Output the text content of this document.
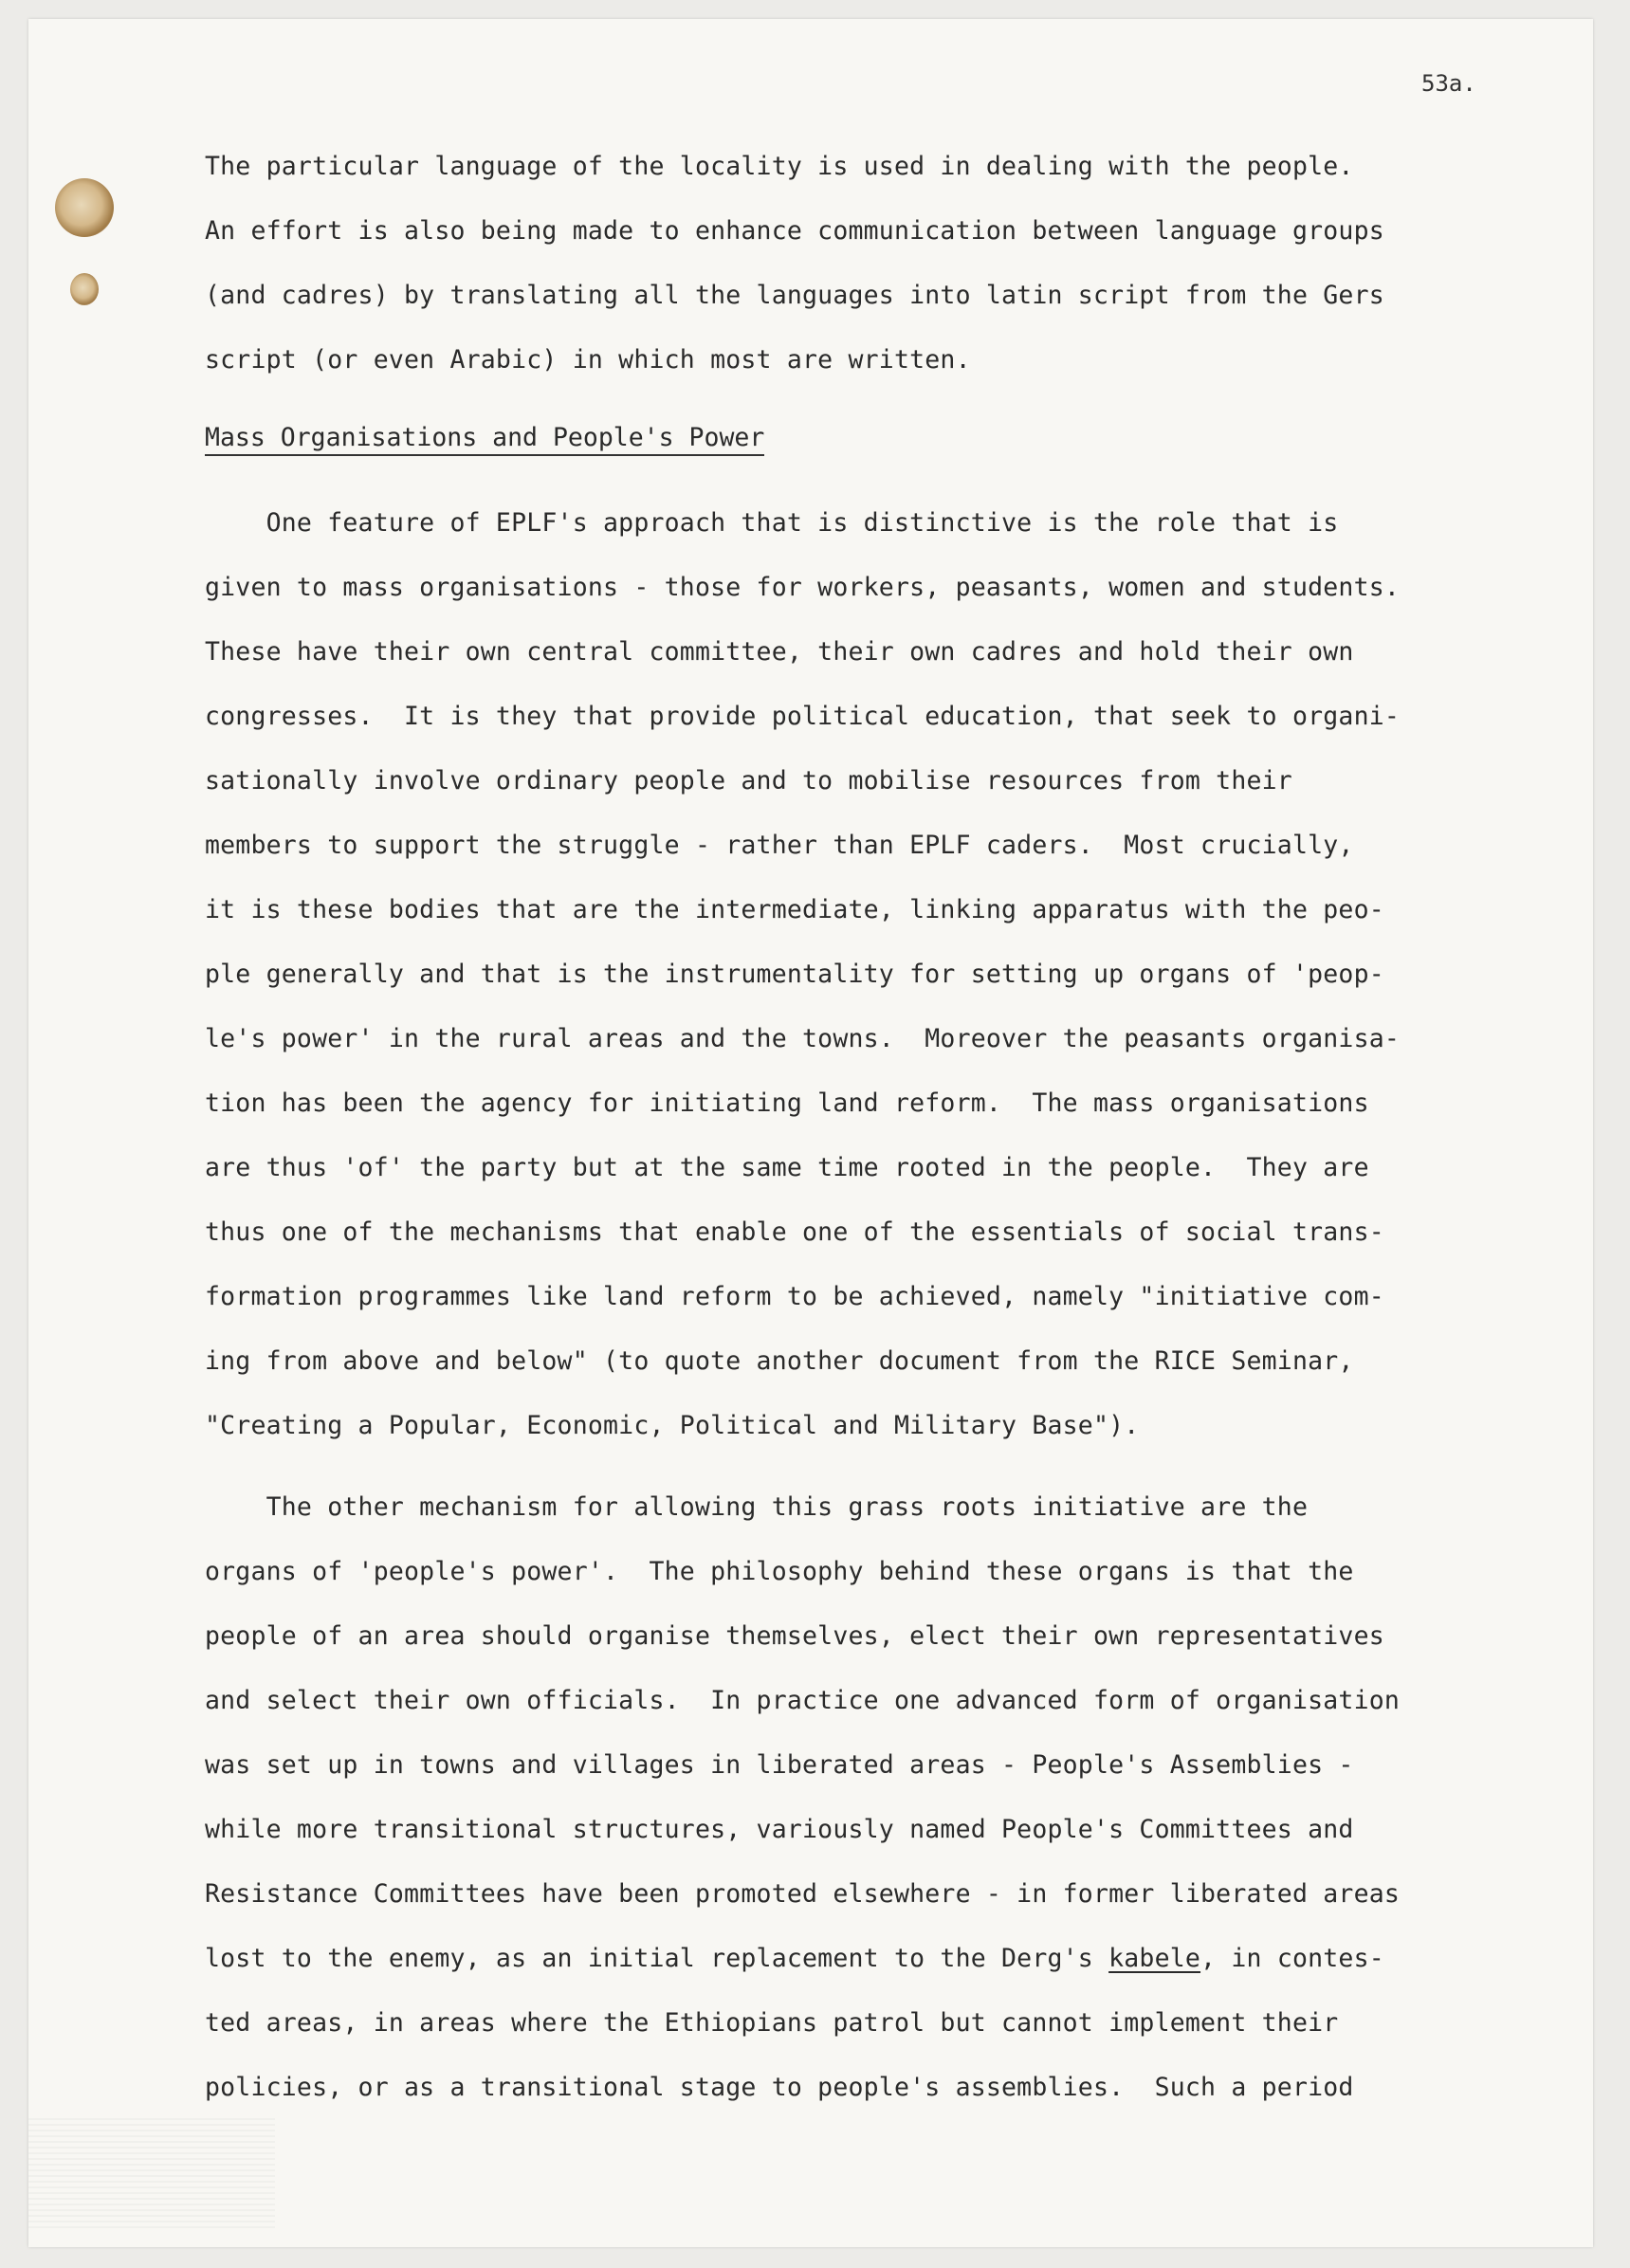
53a.
The particular language of the locality is used in dealing with the people.
An effort is also being made to enhance communication between language groups
(and cadres) by translating all the languages into latin script from the Gers
script (or even Arabic) in which most are written.
Mass Organisations and People's Power
One feature of EPLF's approach that is distinctive is the role that is
given to mass organisations - those for workers, peasants, women and students.
These have their own central committee, their own cadres and hold their own
congresses.  It is they that provide political education, that seek to organi-
sationally involve ordinary people and to mobilise resources from their
members to support the struggle - rather than EPLF caders.  Most crucially,
it is these bodies that are the intermediate, linking apparatus with the peo-
ple generally and that is the instrumentality for setting up organs of 'peop-
le's power' in the rural areas and the towns.  Moreover the peasants organisa-
tion has been the agency for initiating land reform.  The mass organisations
are thus 'of' the party but at the same time rooted in the people.  They are
thus one of the mechanisms that enable one of the essentials of social trans-
formation programmes like land reform to be achieved, namely "initiative com-
ing from above and below" (to quote another document from the RICE Seminar,
"Creating a Popular, Economic, Political and Military Base").
The other mechanism for allowing this grass roots initiative are the
organs of 'people's power'.  The philosophy behind these organs is that the
people of an area should organise themselves, elect their own representatives
and select their own officials.  In practice one advanced form of organisation
was set up in towns and villages in liberated areas - People's Assemblies -
while more transitional structures, variously named People's Committees and
Resistance Committees have been promoted elsewhere - in former liberated areas
lost to the enemy, as an initial replacement to the Derg's kabele, in contes-
ted areas, in areas where the Ethiopians patrol but cannot implement their
policies, or as a transitional stage to people's assemblies.  Such a period
